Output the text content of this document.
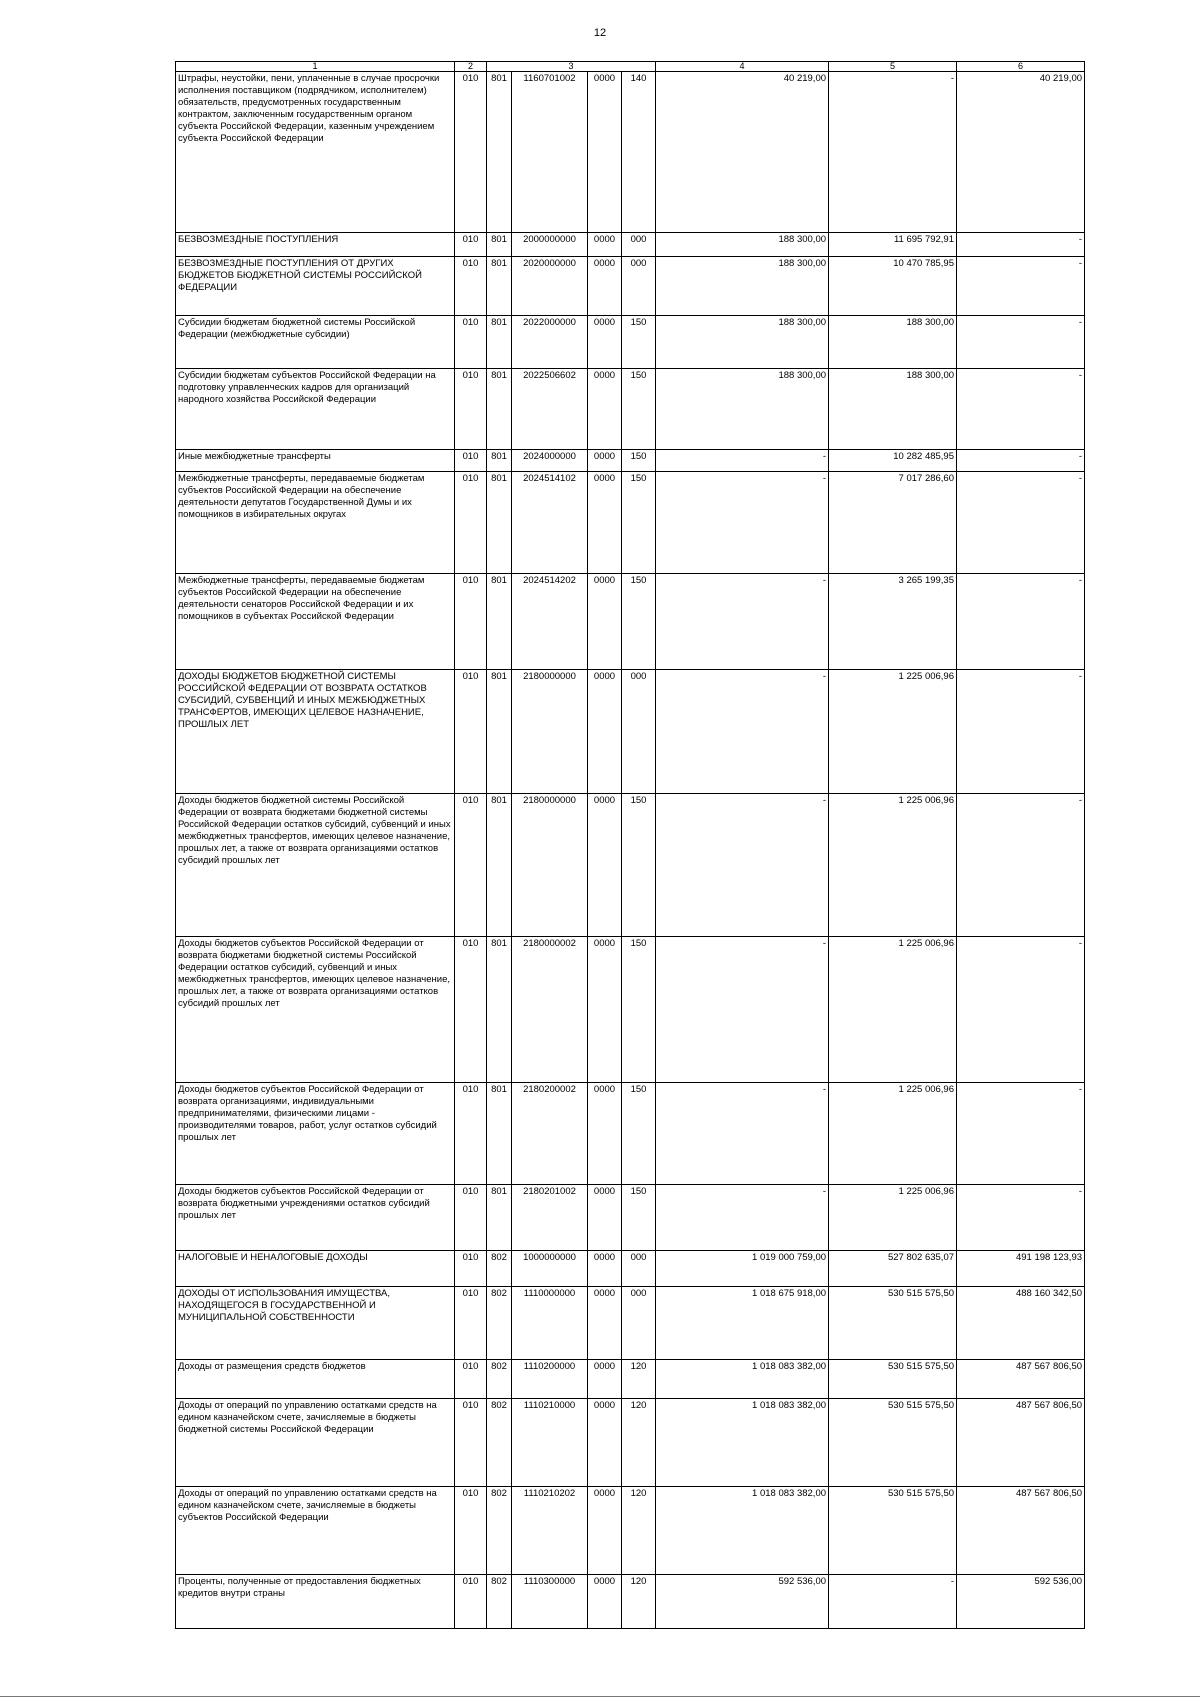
12
1	2	3				4	5	6
Штрафы, неустойки, пени, уплаченные в случае просрочки исполнения поставщиком (подрядчиком, исполнителем) обязательств, предусмотренных государственным контрактом, заключенным государственным органом субъекта Российской Федерации, казенным учреждением субъекта Российской Федерации	010	801	1160701002	0000	140	40 219,00	-	40 219,00
БЕЗВОЗМЕЗДНЫЕ ПОСТУПЛЕНИЯ	010	801	2000000000	0000	000	188 300,00	11 695 792,91	-
БЕЗВОЗМЕЗДНЫЕ ПОСТУПЛЕНИЯ ОТ ДРУГИХ БЮДЖЕТОВ БЮДЖЕТНОЙ СИСТЕМЫ РОССИЙСКОЙ ФЕДЕРАЦИИ	010	801	2020000000	0000	000	188 300,00	10 470 785,95	-
Субсидии бюджетам бюджетной системы Российской Федерации (межбюджетные субсидии)	010	801	2022000000	0000	150	188 300,00	188 300,00	-
Субсидии бюджетам субъектов Российской Федерации на подготовку управленческих кадров для организаций народного хозяйства Российской Федерации	010	801	2022506602	0000	150	188 300,00	188 300,00	-
Иные межбюджетные трансферты	010	801	2024000000	0000	150	-	10 282 485,95	-
Межбюджетные трансферты, передаваемые бюджетам субъектов Российской Федерации на обеспечение деятельности депутатов Государственной Думы и их помощников в избирательных округах	010	801	2024514102	0000	150	-	7 017 286,60	-
Межбюджетные трансферты, передаваемые бюджетам субъектов Российской Федерации на обеспечение деятельности сенаторов Российской Федерации и их помощников в субъектах Российской Федерации	010	801	2024514202	0000	150	-	3 265 199,35	-
ДОХОДЫ БЮДЖЕТОВ БЮДЖЕТНОЙ СИСТЕМЫ РОССИЙСКОЙ ФЕДЕРАЦИИ ОТ ВОЗВРАТА ОСТАТКОВ СУБСИДИЙ, СУБВЕНЦИЙ И ИНЫХ МЕЖБЮДЖЕТНЫХ ТРАНСФЕРТОВ, ИМЕЮЩИХ ЦЕЛЕВОЕ НАЗНАЧЕНИЕ, ПРОШЛЫХ ЛЕТ	010	801	2180000000	0000	000	-	1 225 006,96	-
Доходы бюджетов бюджетной системы Российской Федерации от возврата бюджетами бюджетной системы Российской Федерации остатков субсидий, субвенций и иных межбюджетных трансфертов, имеющих целевое назначение, прошлых лет, а также от возврата организациями остатков субсидий прошлых лет	010	801	2180000000	0000	150	-	1 225 006,96	-
Доходы бюджетов субъектов Российской Федерации от возврата бюджетами бюджетной системы Российской Федерации остатков субсидий, субвенций и иных межбюджетных трансфертов, имеющих целевое назначение, прошлых лет, а также от возврата организациями остатков субсидий прошлых лет	010	801	2180000002	0000	150	-	1 225 006,96	-
Доходы бюджетов субъектов Российской Федерации от возврата организациями, индивидуальными предпринимателями, физическими лицами - производителями товаров, работ, услуг остатков субсидий прошлых лет	010	801	2180200002	0000	150	-	1 225 006,96	-
Доходы бюджетов субъектов Российской Федерации от возврата бюджетными учреждениями остатков субсидий прошлых лет	010	801	2180201002	0000	150	-	1 225 006,96	-
НАЛОГОВЫЕ И НЕНАЛОГОВЫЕ ДОХОДЫ	010	802	1000000000	0000	000	1 019 000 759,00	527 802 635,07	491 198 123,93
ДОХОДЫ ОТ ИСПОЛЬЗОВАНИЯ ИМУЩЕСТВА, НАХОДЯЩЕГОСЯ В ГОСУДАРСТВЕННОЙ И МУНИЦИПАЛЬНОЙ СОБСТВЕННОСТИ	010	802	1110000000	0000	000	1 018 675 918,00	530 515 575,50	488 160 342,50
Доходы от размещения средств бюджетов	010	802	1110200000	0000	120	1 018 083 382,00	530 515 575,50	487 567 806,50
Доходы от операций по управлению остатками средств на едином казначейском счете, зачисляемые в бюджеты бюджетной системы Российской Федерации	010	802	1110210000	0000	120	1 018 083 382,00	530 515 575,50	487 567 806,50
Доходы от операций по управлению остатками средств на едином казначейском счете, зачисляемые в бюджеты субъектов Российской Федерации	010	802	1110210202	0000	120	1 018 083 382,00	530 515 575,50	487 567 806,50
Проценты, полученные от предоставления бюджетных кредитов внутри страны	010	802	1110300000	0000	120	592 536,00	-	592 536,00
